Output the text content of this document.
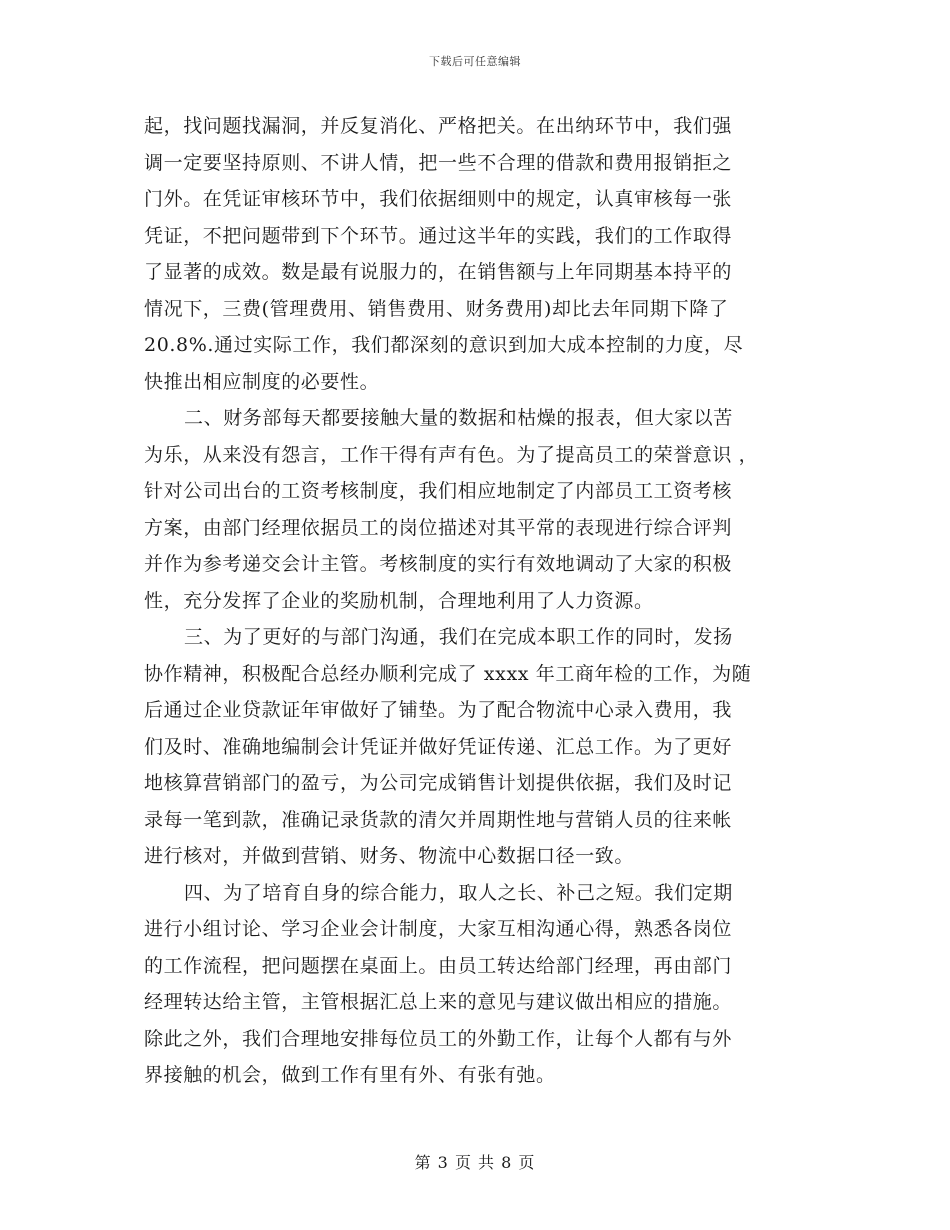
下载后可任意编辑
起，找问题找漏洞，并反复消化、严格把关。在出纳环节中，我们强
调一定要坚持原则、不讲人情，把一些不合理的借款和费用报销拒之
门外。在凭证审核环节中，我们依据细则中的规定，认真审核每一张
凭证，不把问题带到下个环节。通过这半年的实践，我们的工作取得
了显著的成效。数是最有说服力的，在销售额与上年同期基本持平的
情况下，三费(管理费用、销售费用、财务费用)却比去年同期下降了
20.8%.通过实际工作，我们都深刻的意识到加大成本控制的力度，尽
快推出相应制度的必要性。
二、财务部每天都要接触大量的数据和枯燥的报表，但大家以苦
为乐，从来没有怨言，工作干得有声有色。为了提高员工的荣誉意识 ，
针对公司出台的工资考核制度，我们相应地制定了内部员工工资考核
方案，由部门经理依据员工的岗位描述对其平常的表现进行综合评判
并作为参考递交会计主管。考核制度的实行有效地调动了大家的积极
性，充分发挥了企业的奖励机制，合理地利用了人力资源。
三、为了更好的与部门沟通，我们在完成本职工作的同时，发扬
协作精神，积极配合总经办顺利完成了 xxxx 年工商年检的工作，为随
后通过企业贷款证年审做好了铺垫。为了配合物流中心录入费用，我
们及时、准确地编制会计凭证并做好凭证传递、汇总工作。为了更好
地核算营销部门的盈亏，为公司完成销售计划提供依据，我们及时记
录每一笔到款，准确记录货款的清欠并周期性地与营销人员的往来帐
进行核对，并做到营销、财务、物流中心数据口径一致。
四、为了培育自身的综合能力，取人之长、补己之短。我们定期
进行小组讨论、学习企业会计制度，大家互相沟通心得，熟悉各岗位
的工作流程，把问题摆在桌面上。由员工转达给部门经理，再由部门
经理转达给主管，主管根据汇总上来的意见与建议做出相应的措施。
除此之外，我们合理地安排每位员工的外勤工作，让每个人都有与外
界接触的机会，做到工作有里有外、有张有弛。
第 3 页 共 8 页
